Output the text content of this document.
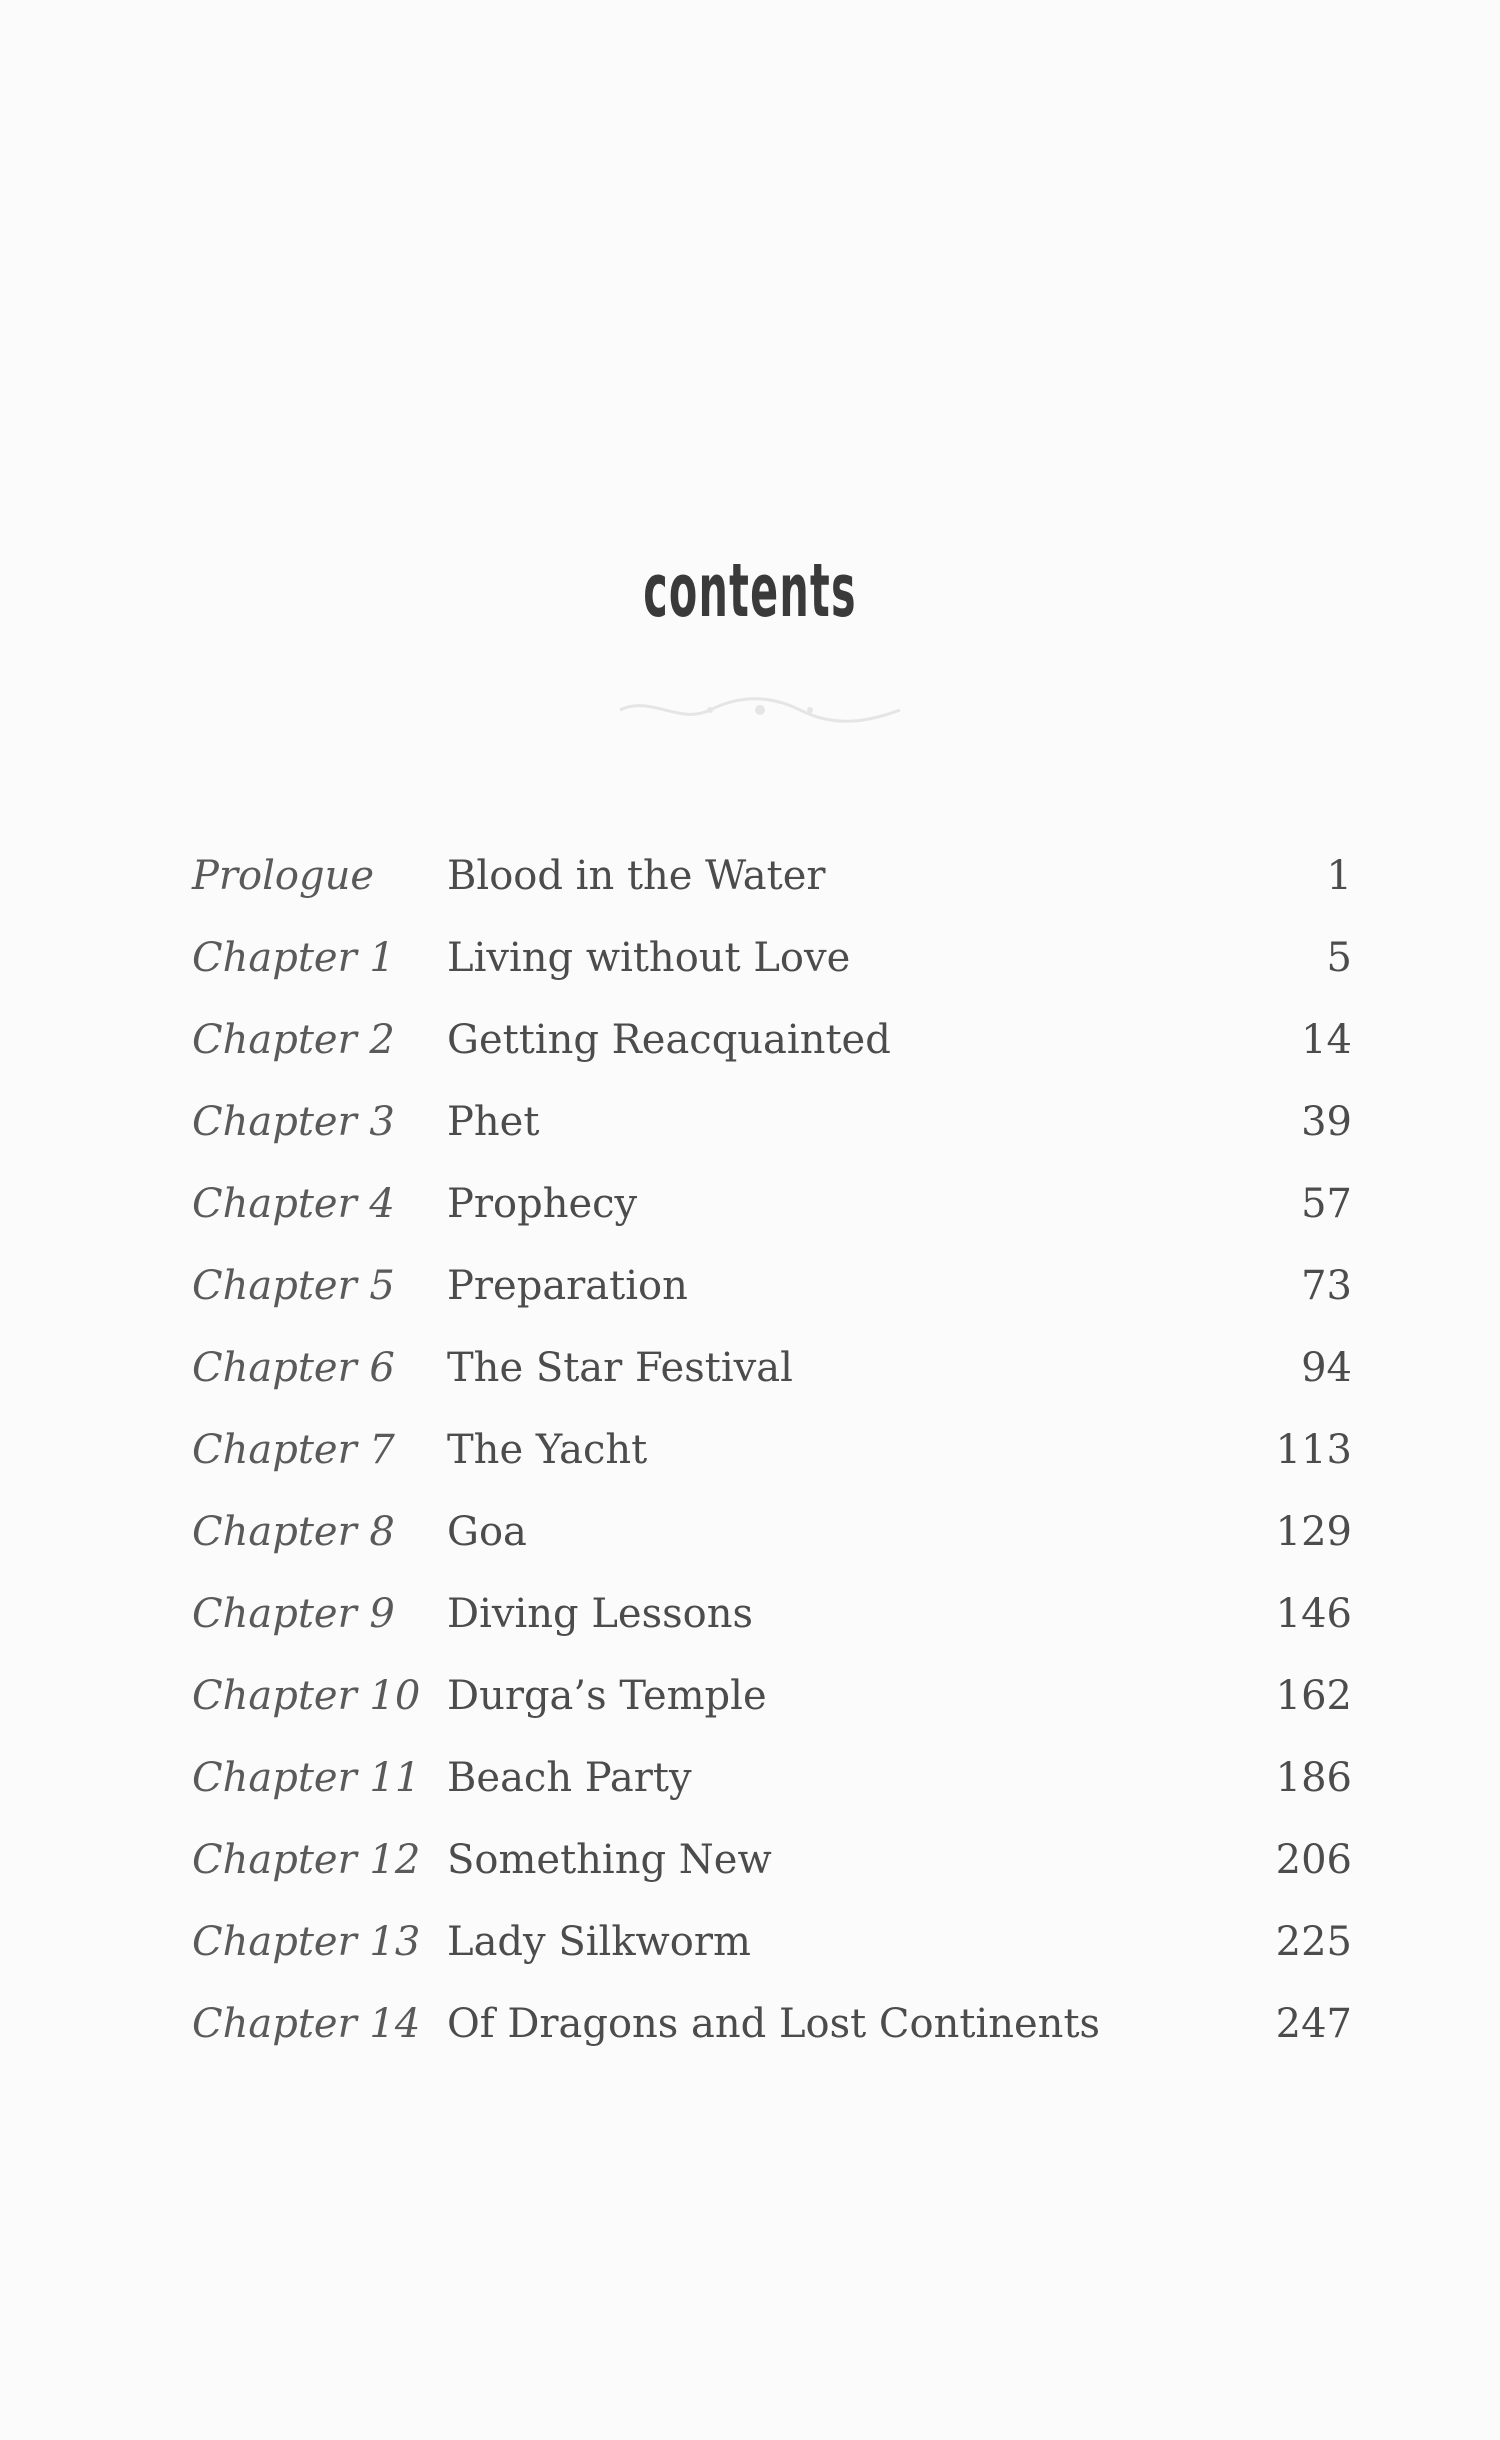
contents
Prologue Blood in the Water	1
Chapter 1 Living without Love	5
Chapter 2 Getting Reacquainted	14
Chapter 3 Phet	39
Chapter 4 Prophecy	57
Chapter 5 Preparation	73
Chapter 6 The Star Festival	94
Chapter 7 The Yacht	113
Chapter 8 Goa	129
Chapter 9 Diving Lessons	146
Chapter 10 Durga’s Temple	162
Chapter 11 Beach Party	186
Chapter 12 Something New	206
Chapter 13 Lady Silkworm	225
Chapter 14 Of Dragons and Lost Continents	247
